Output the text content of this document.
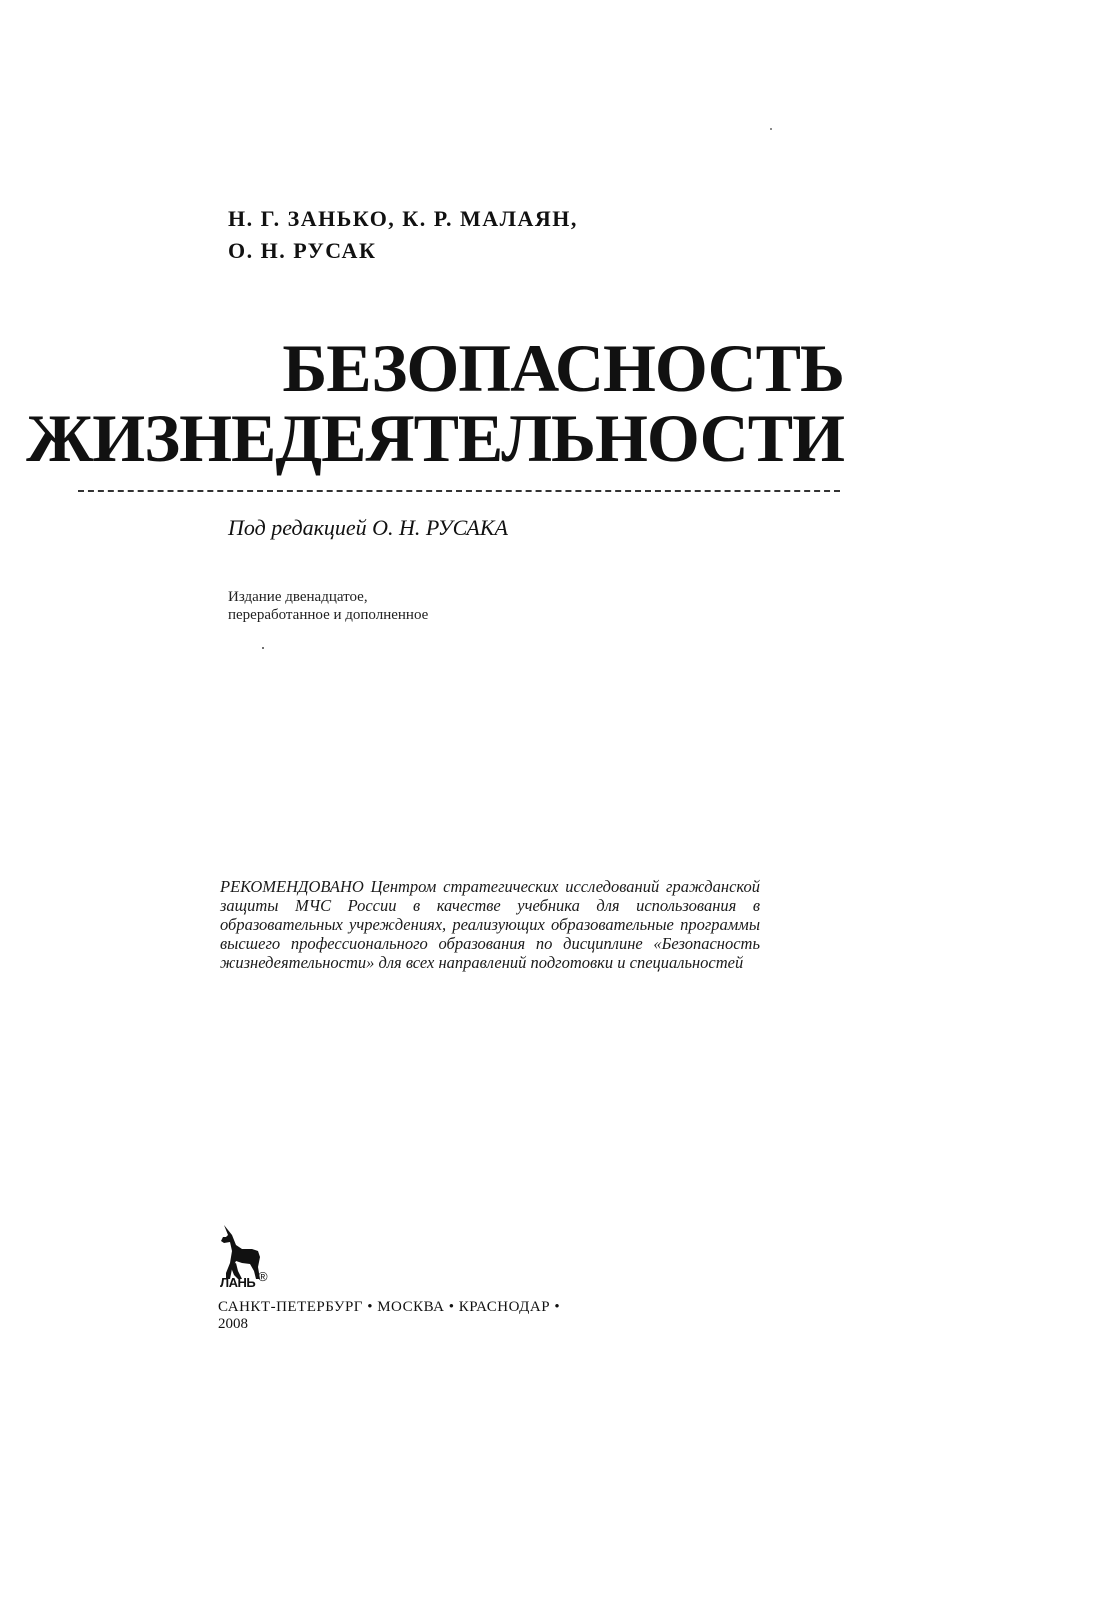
Н. Г. ЗАНЬКО, К. Р. МАЛАЯН,
О. Н. РУСАК
БЕЗОПАСНОСТЬ
ЖИЗНЕДЕЯТЕЛЬНОСТИ
Под редакцией О. Н. РУСАКА
Издание двенадцатое,
переработанное и дополненное
РЕКОМЕНДОВАНО Центром стратегических исследований гражданской защиты МЧС России в качестве учебника для использования в образовательных учреждениях, реализующих образовательные программы высшего профессионального образования по дисциплине «Безопасность жизнедеятельности» для всех направлений подготовки и специальностей
ЛАНЬ ®
САНКТ-ПЕТЕРБУРГ • МОСКВА • КРАСНОДАР •
2008
